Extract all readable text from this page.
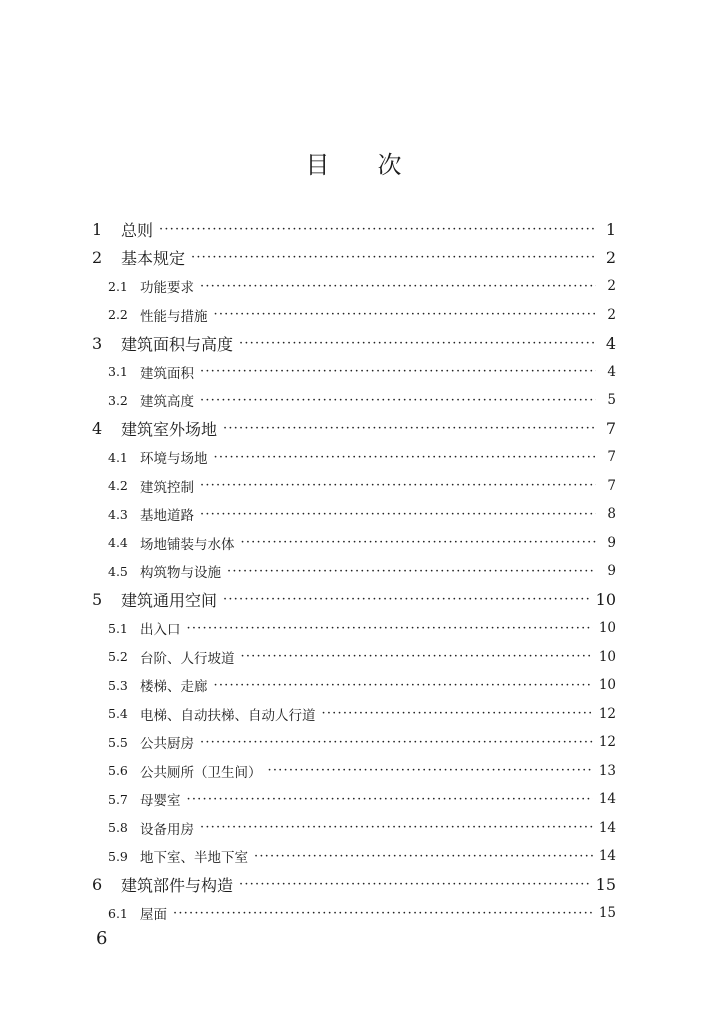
目次
1	总则 ·····	1
2	基本规定 ·····	2
2.1 功能要求 ·····	2
2.2 性能与措施 ·····	2
3	建筑面积与高度 ·····	4
3.1 建筑面积 ·····	4
3.2 建筑高度 ·····	5
4	建筑室外场地 ·····	7
4.1 环境与场地 ·····	7
4.2 建筑控制 ·····	7
4.3 基地道路 ·····	8
4.4 场地铺装与水体 ·····	9
4.5 构筑物与设施 ·····	9
5	建筑通用空间 ·····	10
5.1 出入口 ·····	10
5.2 台阶、人行坡道 ·····	10
5.3 楼梯、走廊 ·····	10
5.4 电梯、自动扶梯、自动人行道 ·····	12
5.5 公共厨房 ·····	12
5.6 公共厕所（卫生间） ·····	13
5.7 母婴室 ·····	14
5.8 设备用房 ·····	14
5.9 地下室、半地下室 ·····	14
6	建筑部件与构造 ·····	15
6.1 屋面 ·····	15
6
